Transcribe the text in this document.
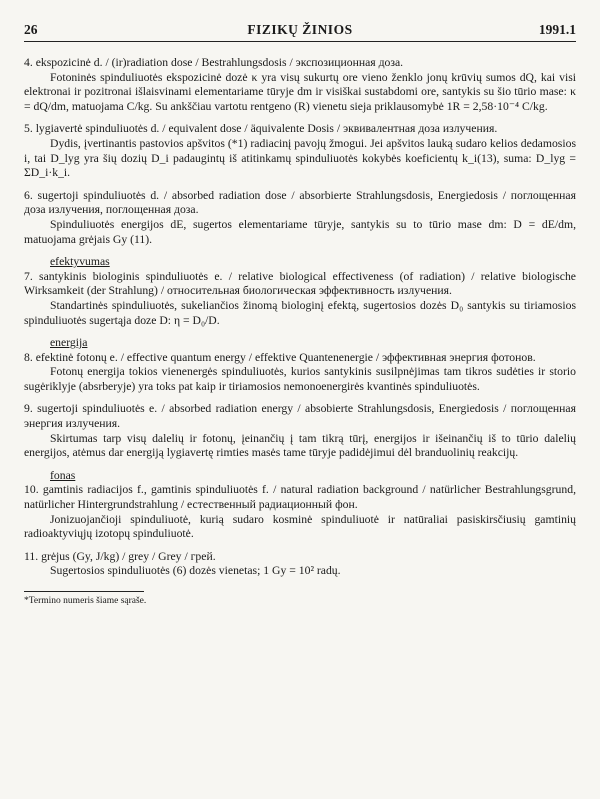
26	FIZIKŲ ŽINIOS	1991.1
4. ekspozicinė d. / (ir)radiation dose / Bestrahlungsdosis / экспозиционная доза.
Fotoninės spinduliuotės ekspozicinė dozė κ yra visų sukurtų ore vieno ženklo jonų krūvių sumos dQ, kai visi elektronai ir pozitronai išlaisvinami elementariame tūryje dm ir visiškai sustabdomi ore, santykis su šio tūrio mase: κ = dQ/dm, matuojama C/kg. Su ankščiau vartotu rentgeno (R) vienetu sieja priklausomybė 1R = 2,58·10⁻⁴ C/kg.
5. lygiavertė spinduliuotės d. / equivalent dose / äquivalente Dosis / эквивалентная доза излучения.
Dydis, įvertinantis pastovios apšvitos (*1) radiacinį pavojų žmogui. Jei apšvitos lauką sudaro kelios dedamosios i, tai D_lyg yra šių dozių D_i padaugintų iš atitinkamų spinduliuotės kokybės koeficientų k_i(13), suma: D_lyg = ΣD_i·k_i.
6. sugertoji spinduliuotės d. / absorbed radiation dose / absorbierte Strahlungsdosis, Energiedosis / поглощенная доза излучения, поглощенная доза.
Spinduliuotės energijos dE, sugertos elementariame tūryje, santykis su to tūrio mase dm: D = dE/dm, matuojama grėjais Gy (11).
efektyvumas
7. santykinis biologinis spinduliuotės e. / relative biological effectiveness (of radiation) / relative biologische Wirksamkeit (der Strahlung) / относительная биологическая эффективность излучения.
Standartinės spinduliuotės, sukeliančios žinomą biologinį efektą, sugertosios dozės D₀ santykis su tiriamosios spinduliuotės sugertąja doze D: η = D₀/D.
energija
8. efektinė fotonų e. / effective quantum energy / effektive Quantenenergie / эффективная энергия фотонов.
Fotonų energija tokios vienenergės spinduliuotės, kurios santykinis susilpnėjimas tam tikros sudėties ir storio sugėriklyje (absrberyje) yra toks pat kaip ir tiriamosios nemonoenergirės kvantinės spinduliuotės.
9. sugertoji spinduliuotės e. / absorbed radiation energy / absobierte Strahlungsdosis, Energiedosis / поглощенная энергия излучения.
Skirtumas tarp visų dalelių ir fotonų, įeinančių į tam tikrą tūrį, energijos ir išeinančių iš to tūrio dalelių energijos, atėmus dar energiją lygiavertę rimties masės tame tūryje padidėjimui dėl branduolinių reakcijų.
fonas
10. gamtinis radiacijos f., gamtinis spinduliuotės f. / natural radiation background / natürlicher Bestrahlungsgrund, natürlicher Hintergrundstrahlung / естественный радиационный фон.
Jonizuojančioji spinduliuotė, kurią sudaro kosminė spinduliuotė ir natūraliai pasiskirsčiusių gamtinių radioaktyviųjų izotopų spinduliuotė.
11. grėjus (Gy, J/kg) / grey / Grey / грей.
Sugertosios spinduliuotės (6) dozės vienetas; 1 Gy = 10² radų.
*Termino numeris šiame sąraše.
